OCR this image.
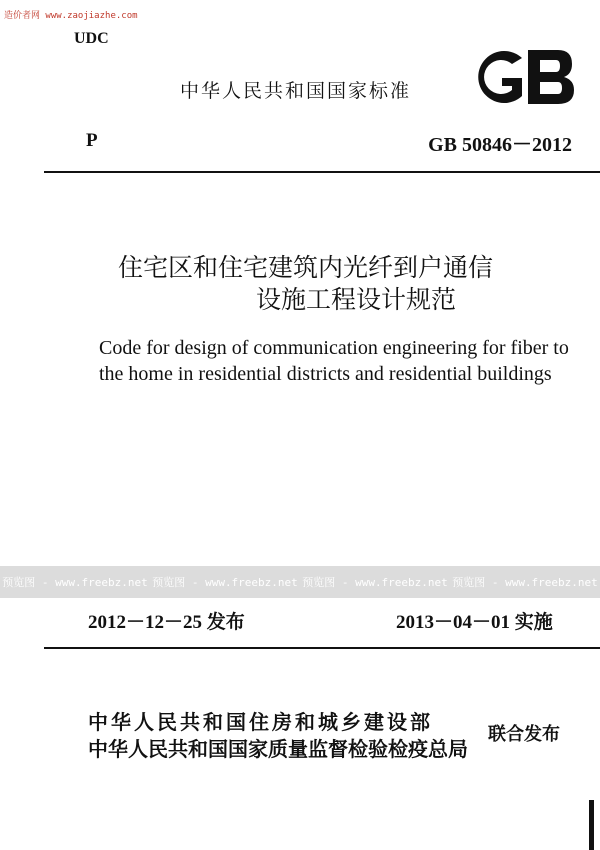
造价者网 www.zaojiazhe.com
UDC
中华人民共和国国家标准
P	GB 50846－2012
住宅区和住宅建筑内光纤到户通信
设施工程设计规范
Code for design of communication engineering for fiber to
the home in residential districts and residential buildings
预览图 - www.freebz.net 预览图 - www.freebz.net 预览图 - www.freebz.net 预览图 - www.freebz.net
2012－12－25 发布	2013－04－01 实施
中华人民共和国住房和城乡建设部
中华人民共和国国家质量监督检验检疫总局
联合发布
